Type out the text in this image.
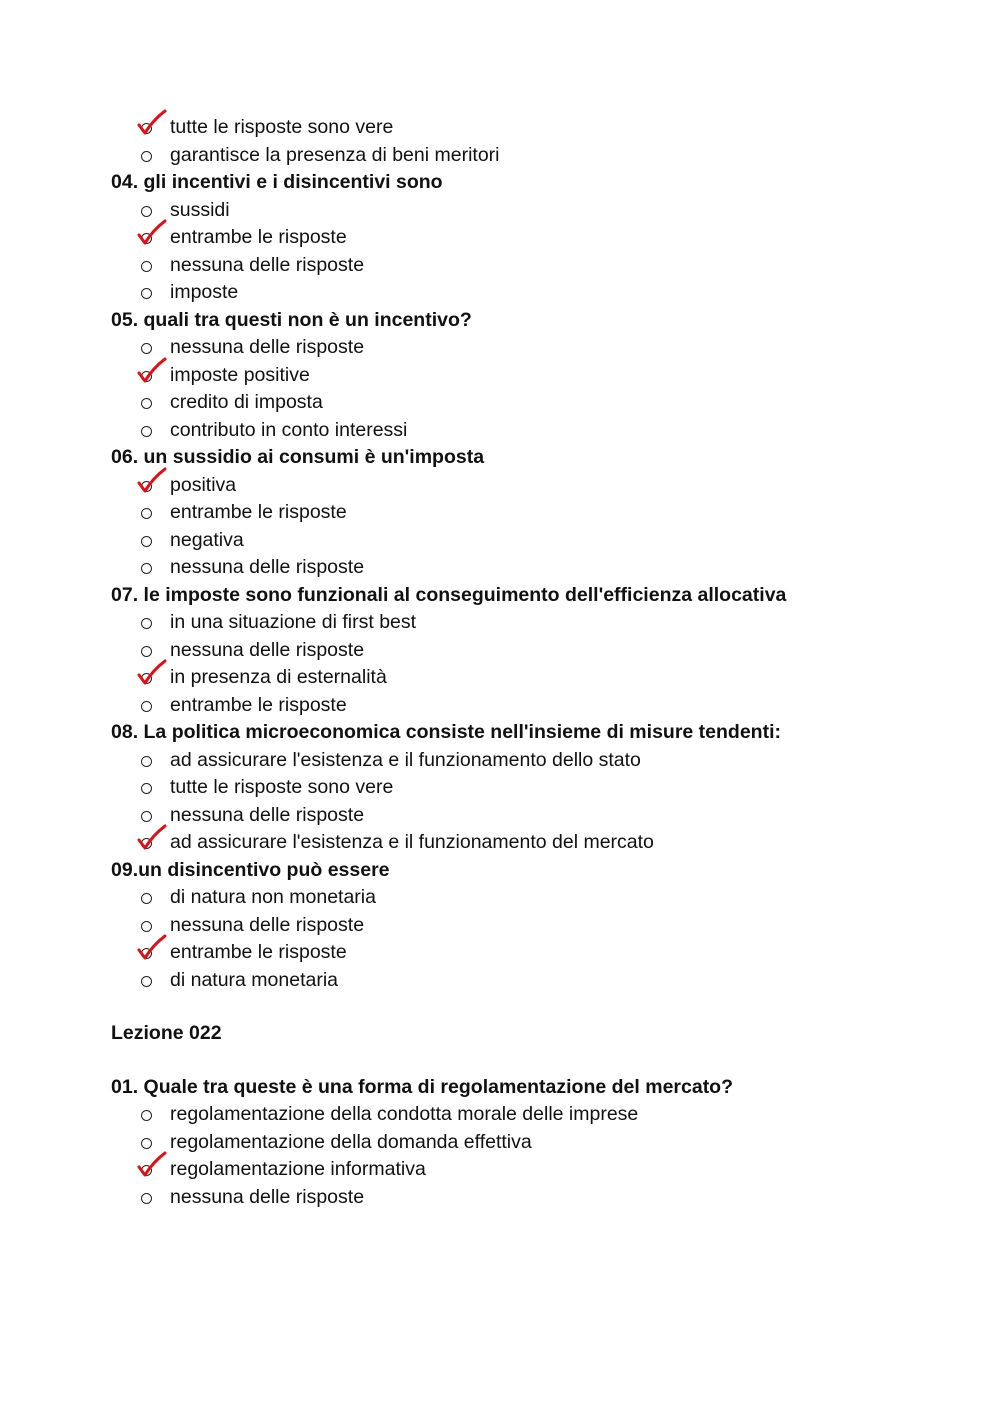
tutte le risposte sono vere
garantisce la presenza di beni meritori
04. gli incentivi e i disincentivi sono
sussidi
entrambe le risposte
nessuna delle risposte
imposte
05. quali tra questi non è un incentivo?
nessuna delle risposte
imposte positive
credito di imposta
contributo in conto interessi
06. un sussidio ai consumi è un'imposta
positiva
entrambe le risposte
negativa
nessuna delle risposte
07. le imposte sono funzionali al conseguimento dell'efficienza allocativa
in una situazione di first best
nessuna delle risposte
in presenza di esternalità
entrambe le risposte
08. La politica microeconomica consiste nell'insieme di misure tendenti:
ad assicurare l'esistenza e il funzionamento dello stato
tutte le risposte sono vere
nessuna delle risposte
ad assicurare l'esistenza e il funzionamento del mercato
09.un disincentivo può essere
di natura non monetaria
nessuna delle risposte
entrambe le risposte
di natura monetaria
Lezione 022
01. Quale tra queste è una forma di regolamentazione del mercato?
regolamentazione della condotta morale delle imprese
regolamentazione della domanda effettiva
regolamentazione informativa
nessuna delle risposte
